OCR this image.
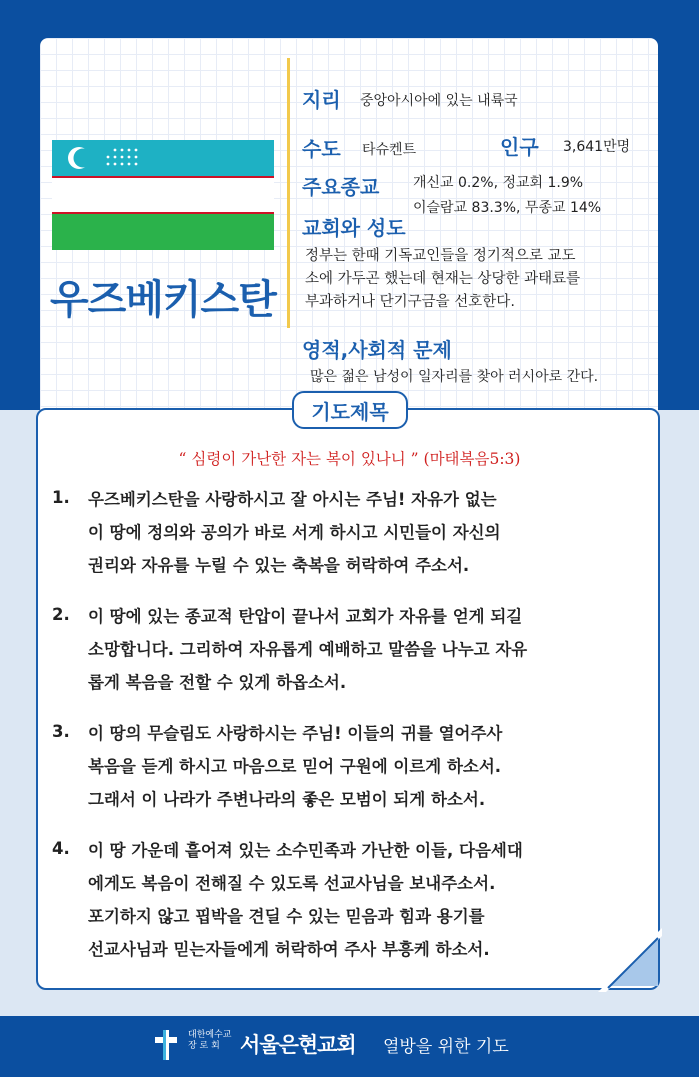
우즈베키스탄
지리 중앙아시아에 있는 내륙국
수도 타슈켄트	인구 3,641만명
주요종교 개신교 0.2%, 정교회 1.9%
이슬람교 83.3%, 무종교 14%
교회와 성도
정부는 한때 기독교인들을 정기적으로 교도
소에 가두곤 했는데 현재는 상당한 과태료를
부과하거나 단기구금을 선호한다.
영적,사회적 문제
많은 젊은 남성이 일자리를 찾아 러시아로 간다.
기도제목
“ 심령이 가난한 자는 복이 있나니 ” (마태복음5:3)
1. 우즈베키스탄을 사랑하시고 잘 아시는 주님! 자유가 없는
이 땅에 정의와 공의가 바로 서게 하시고 시민들이 자신의
권리와 자유를 누릴 수 있는 축복을 허락하여 주소서.
2. 이 땅에 있는 종교적 탄압이 끝나서 교회가 자유를 얻게 되길
소망합니다. 그리하여 자유롭게 예배하고 말씀을 나누고 자유
롭게 복음을 전할 수 있게 하옵소서.
3. 이 땅의 무슬림도 사랑하시는 주님! 이들의 귀를 열어주사
복음을 듣게 하시고 마음으로 믿어 구원에 이르게 하소서.
그래서 이 나라가 주변나라의 좋은 모범이 되게 하소서.
4. 이 땅 가운데 흩어져 있는 소수민족과 가난한 이들, 다음세대
에게도 복음이 전해질 수 있도록 선교사님을 보내주소서.
포기하지 않고 핍박을 견딜 수 있는 믿음과 힘과 용기를
선교사님과 믿는자들에게 허락하여 주사 부흥케 하소서.
대한예수교
장 로 회 서울은현교회 열방을 위한 기도
